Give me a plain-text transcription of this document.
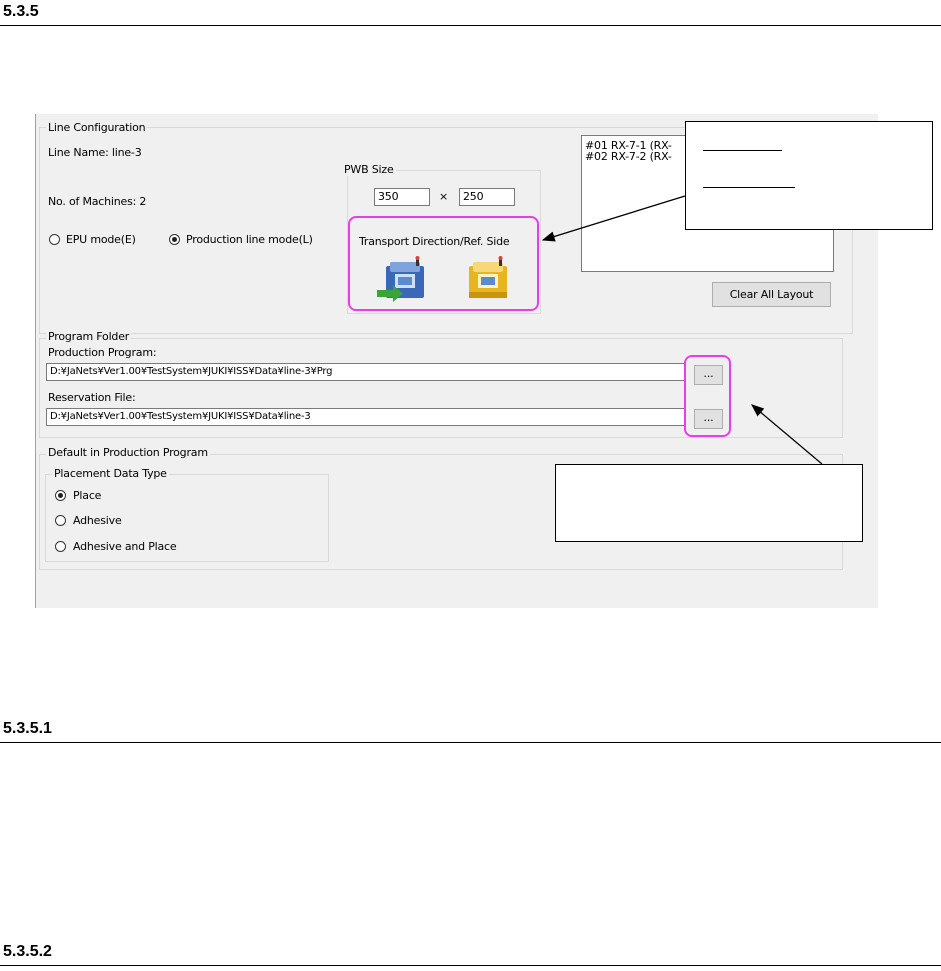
5.3.5
5.3.5.1
5.3.5.2
Line Configuration
Line Name: line-3
No. of Machines: 2
EPU mode(E)	Production line mode(L)
PWB Size
350	×	250
Transport Direction/Ref. Side
#01 RX-7-1 (RX-
#02 RX-7-2 (RX-
Clear All Layout
Program Folder
Production Program:
D:¥JaNets¥Ver1.00¥TestSystem¥JUKI¥ISS¥Data¥line-3¥Prg	...
Reservation File:
D:¥JaNets¥Ver1.00¥TestSystem¥JUKI¥ISS¥Data¥line-3	...
Default in Production Program
Placement Data Type
Place
Adhesive
Adhesive and Place
